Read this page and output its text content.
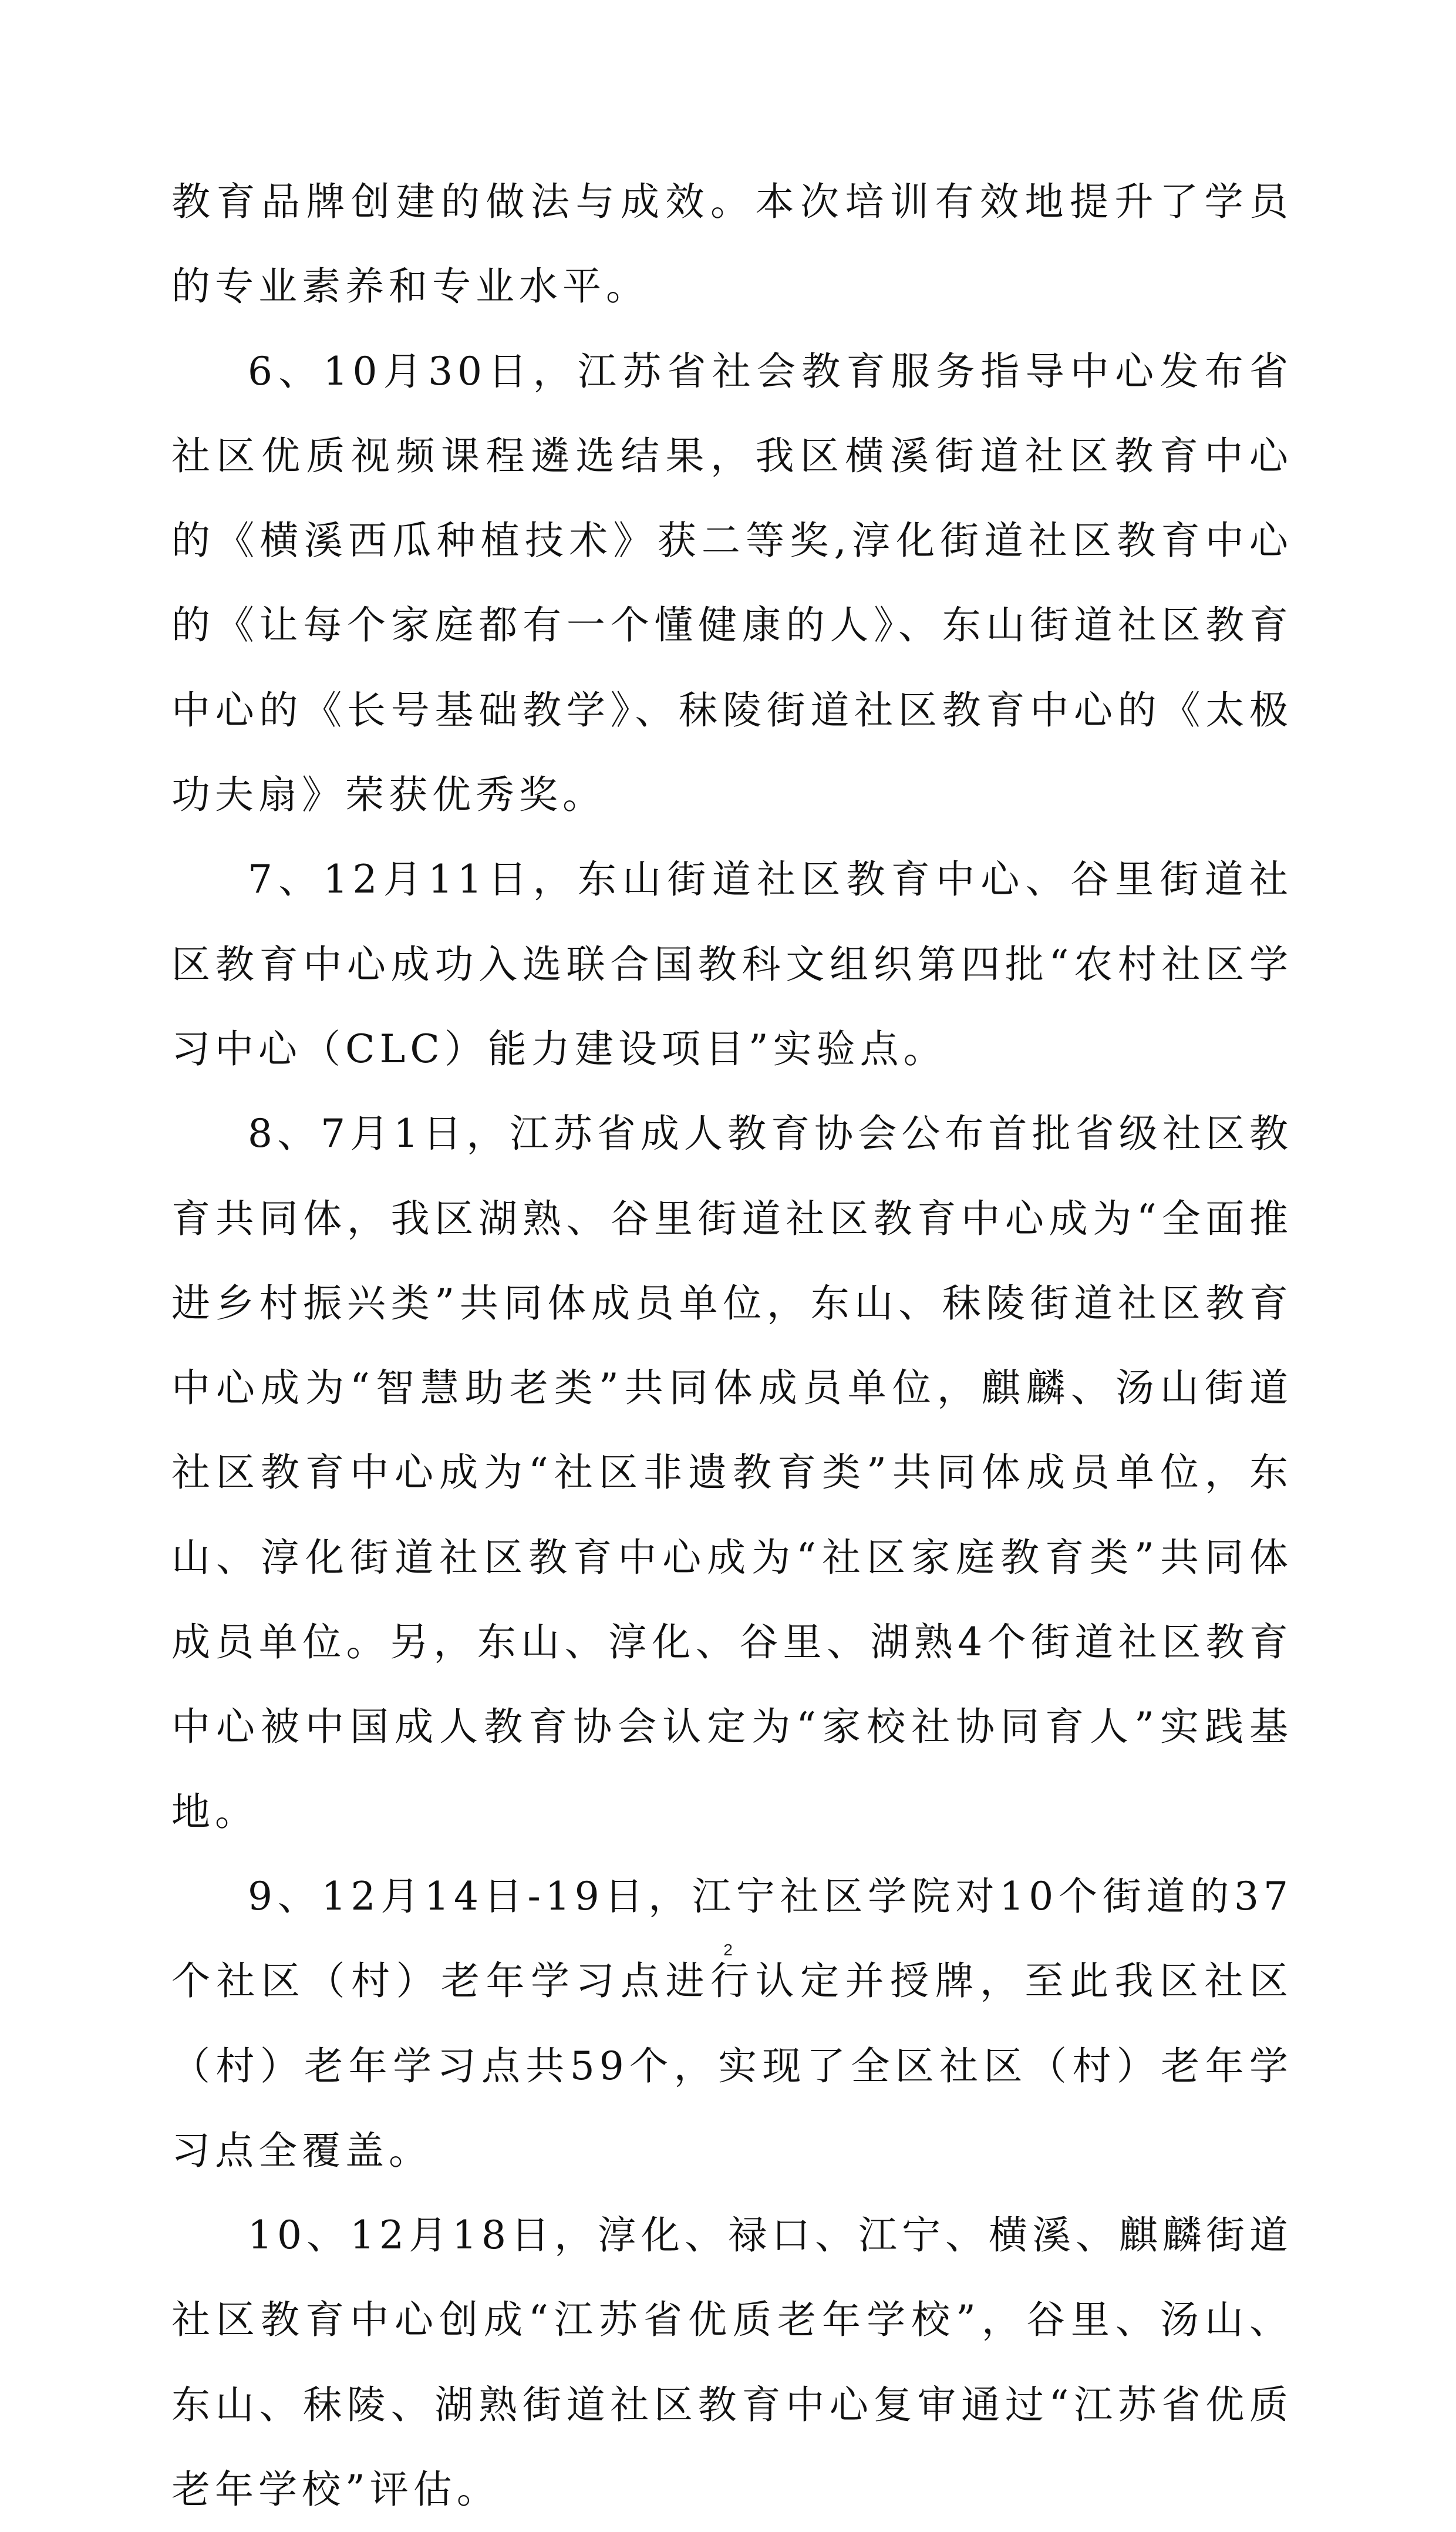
教育品牌创建的做法与成效。本次培训有效地提升了学员的专业素养和专业水平。

6、10月30日，江苏省社会教育服务指导中心发布省社区优质视频课程遴选结果，我区横溪街道社区教育中心的《横溪西瓜种植技术》获二等奖,淳化街道社区教育中心的《让每个家庭都有一个懂健康的人》、东山街道社区教育中心的《长号基础教学》、秣陵街道社区教育中心的《太极功夫扇》荣获优秀奖。

7、12月11日，东山街道社区教育中心、谷里街道社区教育中心成功入选联合国教科文组织第四批“农村社区学习中心（CLC）能力建设项目”实验点。

8、7月1日，江苏省成人教育协会公布首批省级社区教育共同体，我区湖熟、谷里街道社区教育中心成为“全面推进乡村振兴类”共同体成员单位，东山、秣陵街道社区教育中心成为“智慧助老类”共同体成员单位，麒麟、汤山街道社区教育中心成为“社区非遗教育类”共同体成员单位，东山、淳化街道社区教育中心成为“社区家庭教育类”共同体成员单位。另，东山、淳化、谷里、湖熟4个街道社区教育中心被中国成人教育协会认定为“家校社协同育人”实践基地。

9、12月14日-19日，江宁社区学院对10个街道的37个社区（村）老年学习点进行认定并授牌，至此我区社区（村）老年学习点共59个，实现了全区社区（村）老年学习点全覆盖。

10、12月18日，淳化、禄口、江宁、横溪、麒麟街道社区教育中心创成“江苏省优质老年学校”，谷里、汤山、东山、秣陵、湖熟街道社区教育中心复审通过“江苏省优质老年学校”评估。

2
